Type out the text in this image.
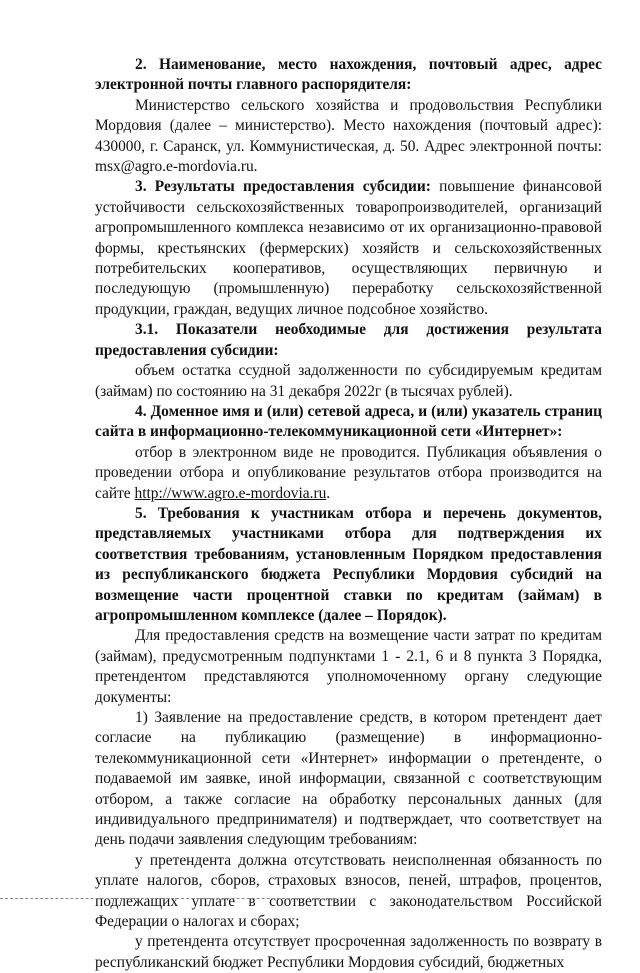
2. Наименование, место нахождения, почтовый адрес, адрес электронной почты главного распорядителя:

Министерство сельского хозяйства и продовольствия Республики Мордовия (далее – министерство). Место нахождения (почтовый адрес): 430000, г. Саранск, ул. Коммунистическая, д. 50. Адрес электронной почты: msx@agro.e-mordovia.ru.

3. Результаты предоставления субсидии: повышение финансовой устойчивости сельскохозяйственных товаропроизводителей, организаций агропромышленного комплекса независимо от их организационно-правовой формы, крестьянских (фермерских) хозяйств и сельскохозяйственных потребительских кооперативов, осуществляющих первичную и последующую (промышленную) переработку сельскохозяйственной продукции, граждан, ведущих личное подсобное хозяйство.

3.1. Показатели необходимые для достижения результата предоставления субсидии:

объем остатка ссудной задолженности по субсидируемым кредитам (займам) по состоянию на 31 декабря 2022г (в тысячах рублей).

4. Доменное имя и (или) сетевой адреса, и (или) указатель страниц сайта в информационно-телекоммуникационной сети «Интернет»:

отбор в электронном виде не проводится. Публикация объявления о проведении отбора и опубликование результатов отбора производится на сайте http://www.agro.e-mordovia.ru.

5. Требования к участникам отбора и перечень документов, представляемых участниками отбора для подтверждения их соответствия требованиям, установленным Порядком предоставления из республиканского бюджета Республики Мордовия субсидий на возмещение части процентной ставки по кредитам (займам) в агропромышленном комплексе (далее – Порядок).

Для предоставления средств на возмещение части затрат по кредитам (займам), предусмотренным подпунктами 1 - 2.1, 6 и 8 пункта 3 Порядка, претендентом представляются уполномоченному органу следующие документы:

1) Заявление на предоставление средств, в котором претендент дает согласие на публикацию (размещение) в информационно-телекоммуникационной сети «Интернет» информации о претенденте, о подаваемой им заявке, иной информации, связанной с соответствующим отбором, а также согласие на обработку персональных данных (для индивидуального предпринимателя) и подтверждает, что соответствует на день подачи заявления следующим требованиям:

у претендента должна отсутствовать неисполненная обязанность по уплате налогов, сборов, страховых взносов, пеней, штрафов, процентов, подлежащих уплате в соответствии с законодательством Российской Федерации о налогах и сборах;

у претендента отсутствует просроченная задолженность по возврату в республиканский бюджет Республики Мордовия субсидий, бюджетных
